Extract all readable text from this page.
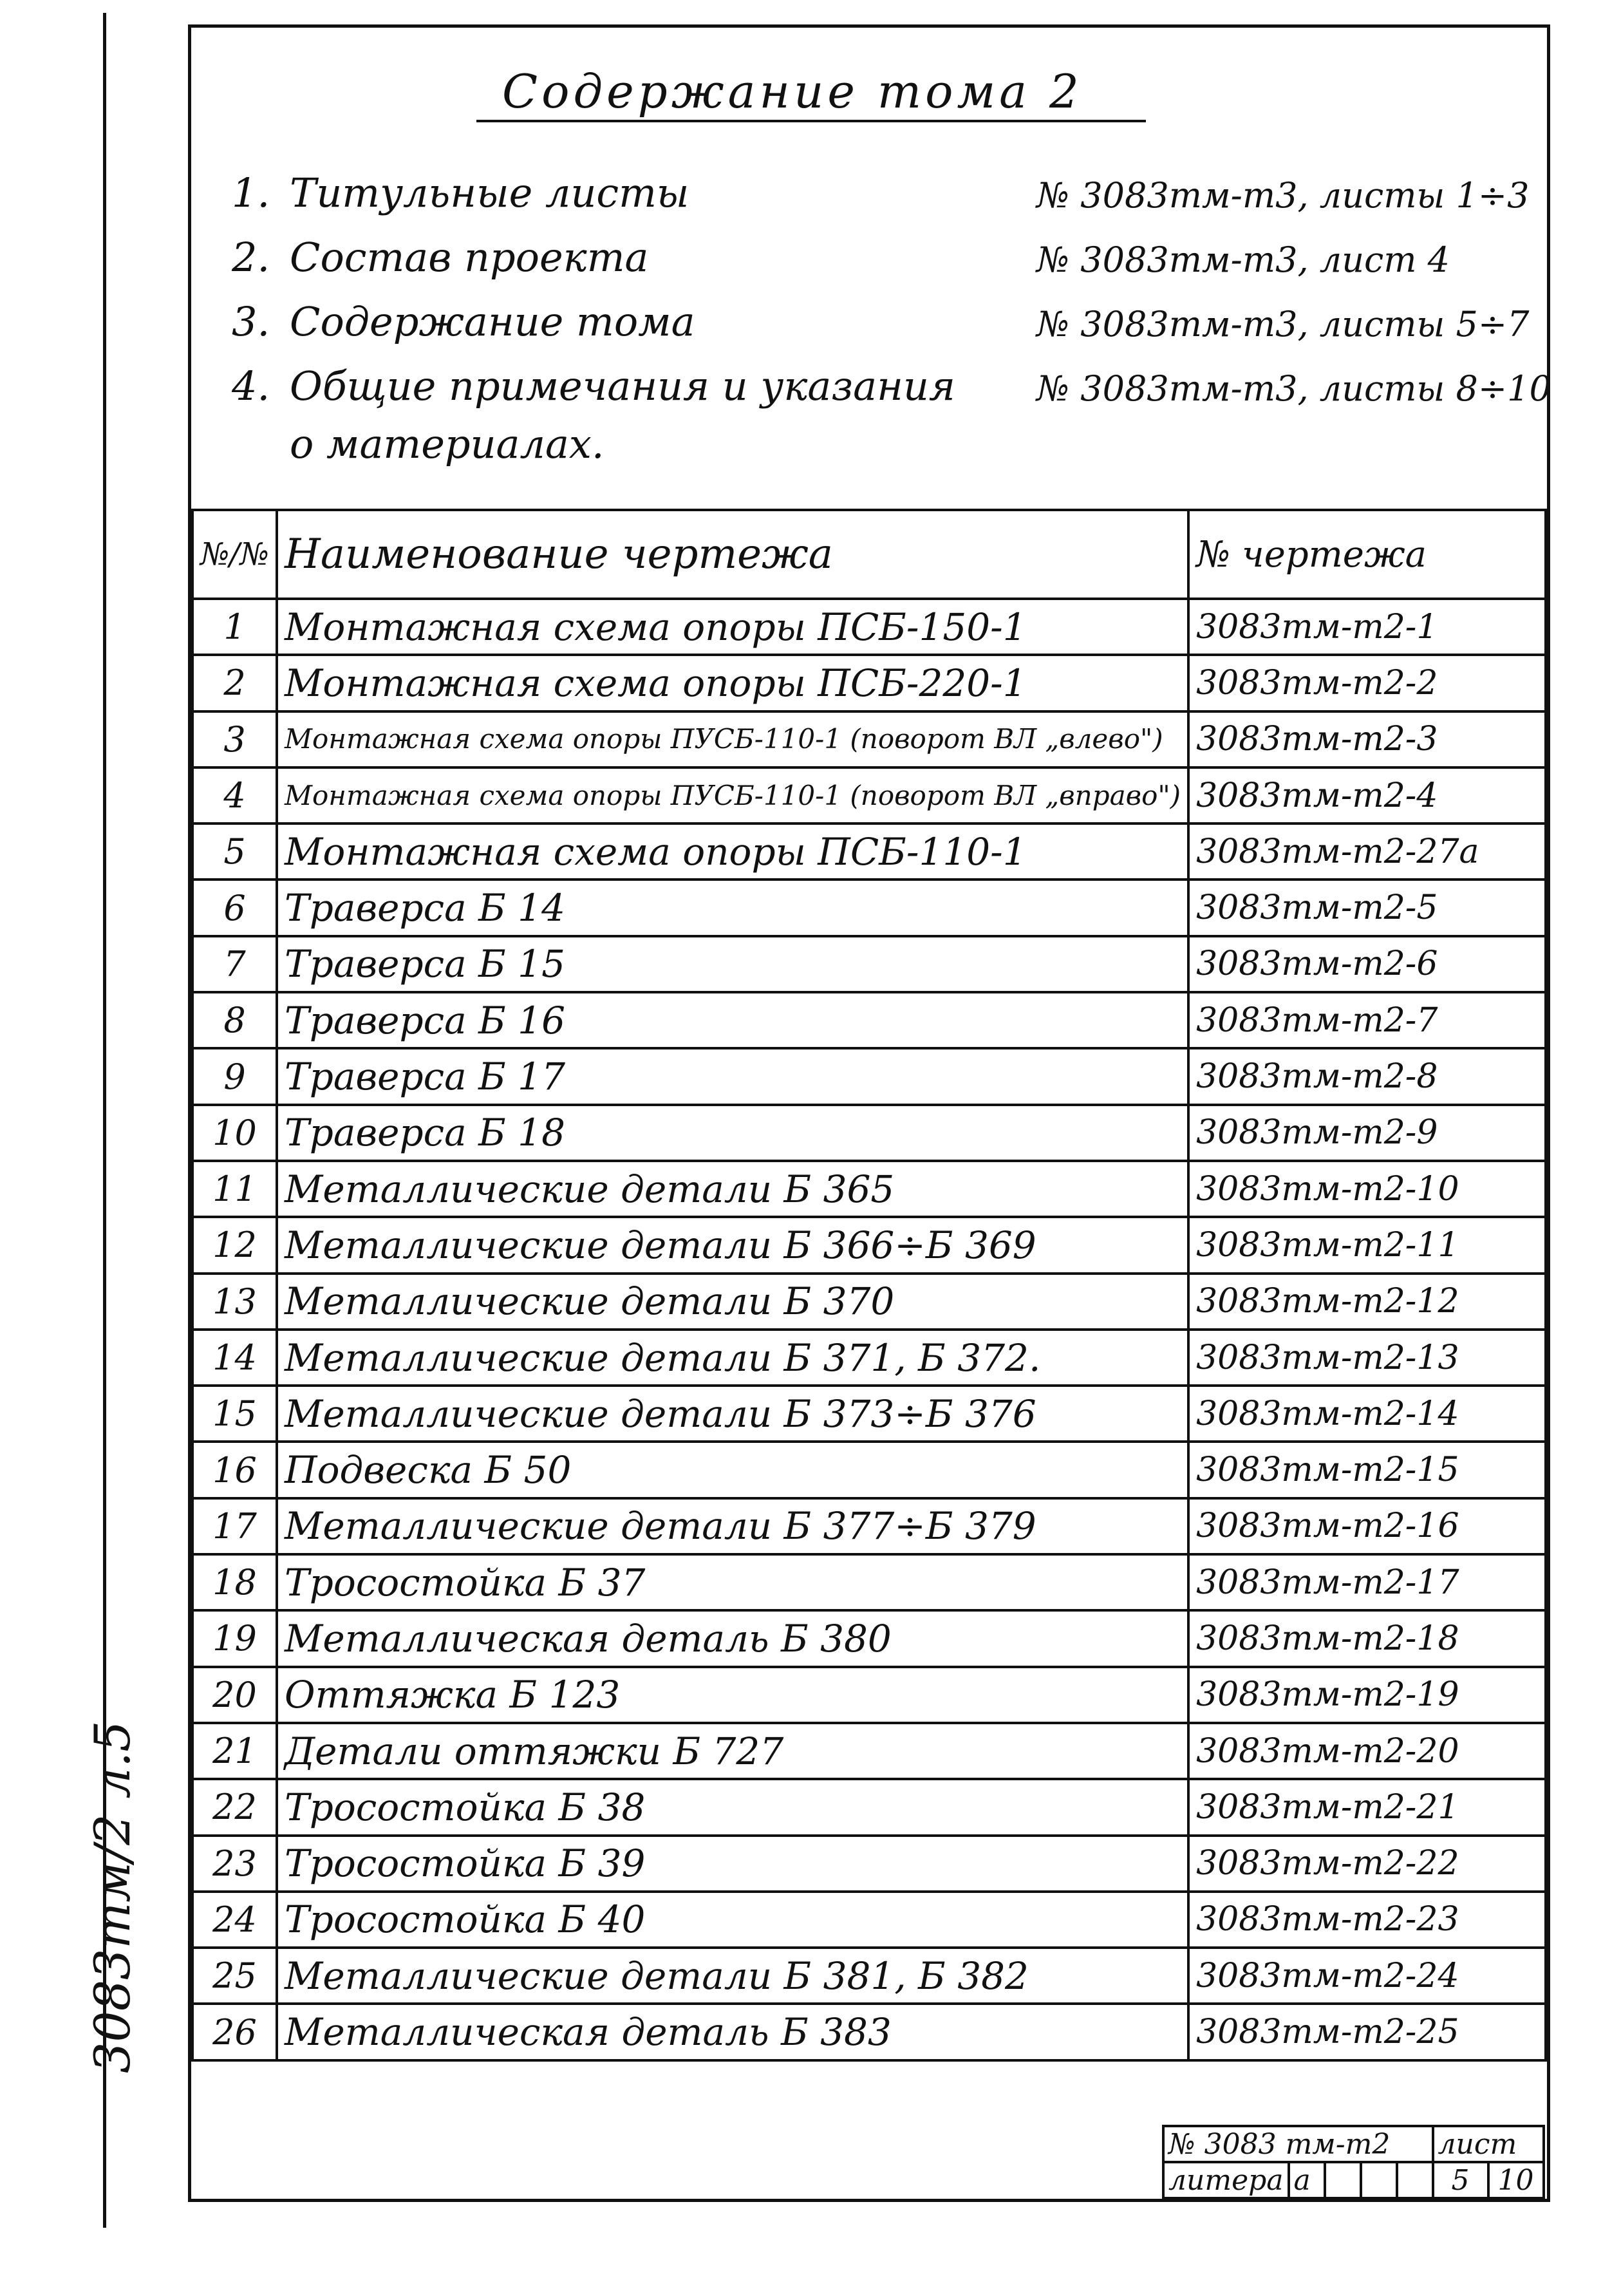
3083тм/2 л.5
Содержание тома 2
1. Титульные листы	№ 3083тм-т3, листы 1÷3
2. Состав проекта	№ 3083тм-т3, лист 4
3. Содержание тома	№ 3083тм-т3, листы 5÷7
4. Общие примечания и указания № 3083тм-т3, листы 8÷10
о материалах.
№/№	Наименование чертежа	№ чертежа
1	Монтажная схема опоры ПСБ-150-1	3083тм-т2-1
2	Монтажная схема опоры ПСБ-220-1	3083тм-т2-2
3	Монтажная схема опоры ПУСБ-110-1 (поворот ВЛ „влево")	3083тм-т2-3
4	Монтажная схема опоры ПУСБ-110-1 (поворот ВЛ „вправо")	3083тм-т2-4
5	Монтажная схема опоры ПСБ-110-1	3083тм-т2-27а
6	Траверса Б 14	3083тм-т2-5
7	Траверса Б 15	3083тм-т2-6
8	Траверса Б 16	3083тм-т2-7
9	Траверса Б 17	3083тм-т2-8
10	Траверса Б 18	3083тм-т2-9
11	Металлические детали Б 365	3083тм-т2-10
12	Металлические детали Б 366÷Б 369	3083тм-т2-11
13	Металлические детали Б 370	3083тм-т2-12
14	Металлические детали Б 371, Б 372.	3083тм-т2-13
15	Металлические детали Б 373÷Б 376	3083тм-т2-14
16	Подвеска Б 50	3083тм-т2-15
17	Металлические детали Б 377÷Б 379	3083тм-т2-16
18	Тросостойка Б 37	3083тм-т2-17
19	Металлическая деталь Б 380	3083тм-т2-18
20	Оттяжка Б 123	3083тм-т2-19
21	Детали оттяжки Б 727	3083тм-т2-20
22	Тросостойка Б 38	3083тм-т2-21
23	Тросостойка Б 39	3083тм-т2-22
24	Тросостойка Б 40	3083тм-т2-23
25	Металлические детали Б 381, Б 382	3083тм-т2-24
26	Металлическая деталь Б 383	3083тм-т2-25
№ 3083 тм-т2					лист	
литера	а				5	10
